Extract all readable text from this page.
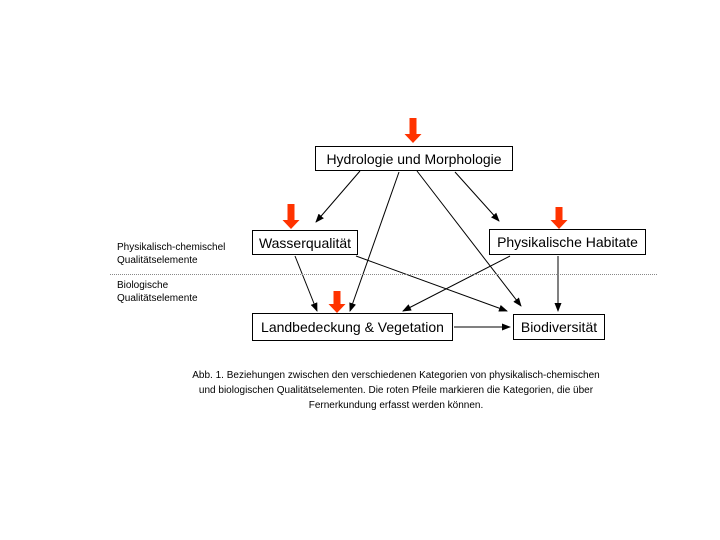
Hydrologie und Morphologie
Wasserqualität	Physikalische Habitate
Landbedeckung & Vegetation	Biodiversität
Physikalisch-chemischel
Qualitätselemente
Biologische
Qualitätselemente
Abb. 1. Beziehungen zwischen den verschiedenen Kategorien von physikalisch-chemischen
und biologischen Qualitätselementen. Die roten Pfeile markieren die Kategorien, die über
Fernerkundung erfasst werden können.
